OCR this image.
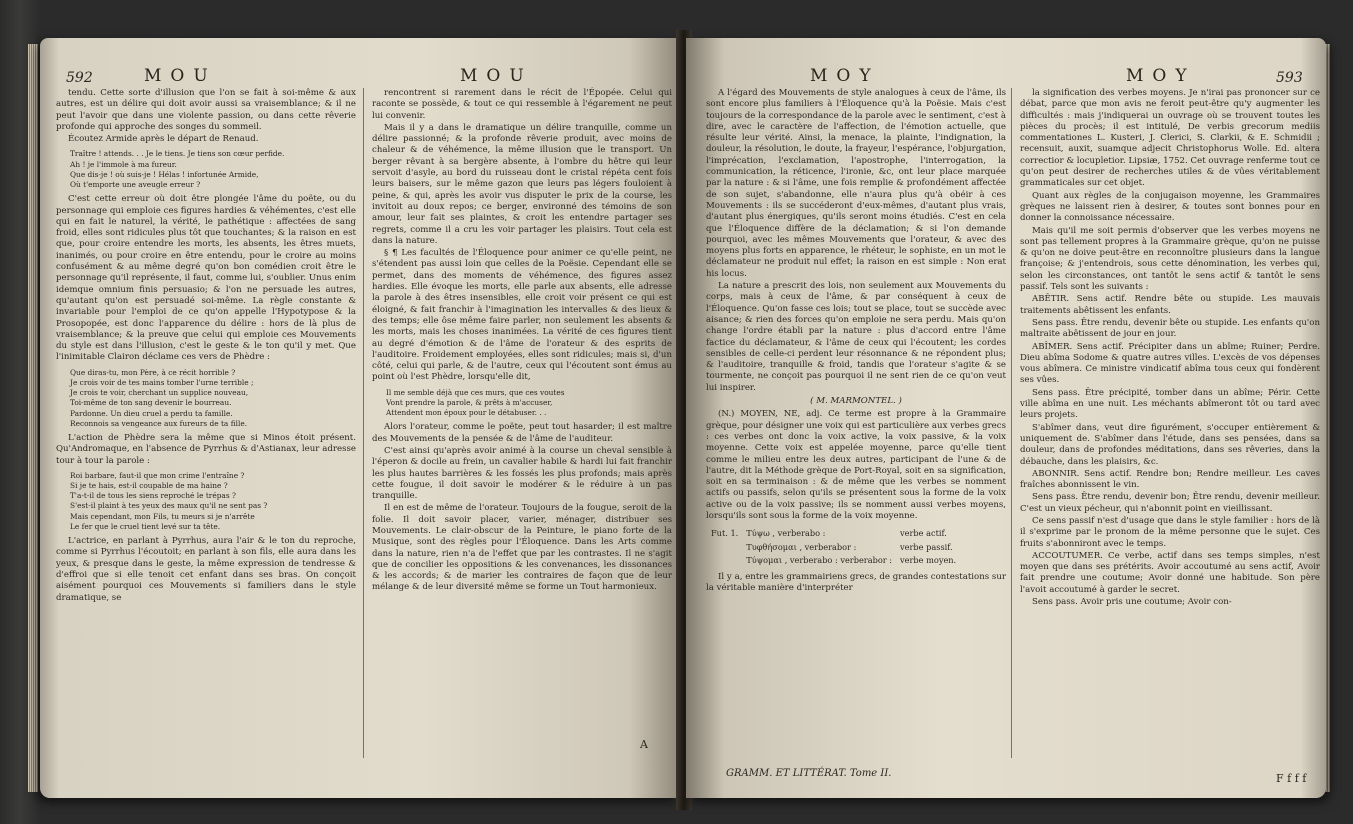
592	MOU	MOU

tendu. Cette sorte d'illusion que l'on se fait à soi-même & aux autres, est un délire qui doit avoir aussi sa vraisemblance; & il ne peut l'avoir que dans une violente passion, ou dans cette rêverie profonde qui approche des songes du sommeil.

Écoutez Armide après le départ de Renaud.

Traître ! attends. . . Je le tiens. Je tiens son cœur perfide.
Ah ! je l'immole à ma fureur.
Que dis-je ! où suis-je ! Hélas ! infortunée Armide,
Où t'emporte une aveugle erreur ?

C'est cette erreur où doit être plongée l'âme du poëte, ou du personnage qui emploie ces figures hardies & véhémentes, c'est elle qui en fait le naturel, la vérité, le pathétique : affectées de sang froid, elles sont ridicules plus tôt que touchantes; & la raison en est que, pour croire entendre les morts, les absents, les êtres muets, inanimés, ou pour croire en être entendu, pour le croire au moins confusément & au même degré qu'on bon comédien croit être le personnage qu'il représente, il faut, comme lui, s'oublier. Unus enim idemque omnium finis persuasio; & l'on ne persuade les autres, qu'autant qu'on est persuadé soi-même. La règle constante & invariable pour l'emploi de ce qu'on appelle l'Hypotypose & la Prosopopée, est donc l'apparence du délire : hors de là plus de vraisemblance; & la preuve que celui qui emploie ces Mouvements du style est dans l'illusion, c'est le geste & le ton qu'il y met. Que l'inimitable Clairon déclame ces vers de Phèdre :

Que diras-tu, mon Père, à ce récit horrible ?
Je crois voir de tes mains tomber l'urne terrible ;
Je crois te voir, cherchant un supplice nouveau,
Toi-même de ton sang devenir le bourreau.
Pardonne. Un dieu cruel a perdu ta famille.
Reconnois sa vengeance aux fureurs de ta fille.

L'action de Phèdre sera la même que si Minos étoit présent. Qu'Andromaque, en l'absence de Pyrrhus & d'Astianax, leur adresse tour à tour la parole :

Roi barbare, faut-il que mon crime l'entraîne ?
Si je te hais, est-il coupable de ma haine ?
T'a-t-il de tous les siens reproché le trépas ?
S'est-il plaint à tes yeux des maux qu'il ne sent pas ?
Mais cependant, mon Fils, tu meurs si je n'arrête
Le fer que le cruel tient levé sur ta tête.

L'actrice, en parlant à Pyrrhus, aura l'air & le ton du reproche, comme si Pyrrhus l'écoutoit; en parlant à son fils, elle aura dans les yeux, & presque dans le geste, la même expression de tendresse & d'effroi que si elle tenoit cet enfant dans ses bras. On conçoit aisément pourquoi ces Mouvements si familiers dans le style dramatique, se

rencontrent si rarement dans le récit de l'Épopée. Celui qui raconte se possède, & tout ce qui ressemble à l'égarement ne peut lui convenir.

Mais il y a dans le dramatique un délire tranquille, comme un délire passionné; & la profonde rêverie produit, avec moins de chaleur & de véhémence, la même illusion que le transport. Un berger rêvant à sa bergère absente, à l'ombre du hêtre qui leur servoit d'asyle, au bord du ruisseau dont le cristal répéta cent fois leurs baisers, sur le même gazon que leurs pas légers fouloient à peine, & qui, après les avoir vus disputer le prix de la course, les invitoit au doux repos; ce berger, environné des témoins de son amour, leur fait ses plaintes, & croit les entendre partager ses regrets, comme il a cru les voir partager les plaisirs. Tout cela est dans la nature.

§ ¶ Les facultés de l'Éloquence pour animer ce qu'elle peint, ne s'étendent pas aussi loin que celles de la Poësie. Cependant elle se permet, dans des moments de véhémence, des figures assez hardies. Elle évoque les morts, elle parle aux absents, elle adresse la parole à des êtres insensibles, elle croit voir présent ce qui est éloigné, & fait franchir à l'imagination les intervalles & des lieux & des temps; elle ôse même faire parler, non seulement les absents & les morts, mais les choses inanimées. La vérité de ces figures tient au degré d'émotion & de l'âme de l'orateur & des esprits de l'auditoire. Froidement employées, elles sont ridicules; mais si, d'un côté, celui qui parle, & de l'autre, ceux qui l'écoutent sont émus au point où l'est Phèdre, lorsqu'elle dit,

Il me semble déjà que ces murs, que ces voutes
Vont prendre la parole, & prêts à m'accuser,
Attendent mon époux pour le détabuser. . .

Alors l'orateur, comme le poëte, peut tout hasarder; il est maître des Mouvements de la pensée & de l'âme de l'auditeur.

C'est ainsi qu'après avoir animé à la course un cheval sensible à l'éperon & docile au frein, un cavalier habile & hardi lui fait franchir les plus hautes barrières & les fossés les plus profonds; mais après cette fougue, il doit savoir le modérer & le réduire à un pas tranquille.

Il en est de même de l'orateur. Toujours de la fougue, seroit de la folie. Il doit savoir placer, varier, ménager, distribuer ses Mouvements. Le clair-obscur de la Peinture, le piano forte de la Musique, sont des règles pour l'Éloquence. Dans les Arts comme dans la nature, rien n'a de l'effet que par les contrastes. Il ne s'agit que de concilier les oppositions & les convenances, les dissonances & les accords; & de marier les contraires de façon que de leur mélange & de leur diversité même se forme un Tout harmonieux.

A
MOY	MOY	593

A l'égard des Mouvements de style analogues à ceux de l'âme, ils sont encore plus familiers à l'Éloquence qu'à la Poësie. Mais c'est toujours de la correspondance de la parole avec le sentiment, c'est à dire, avec le caractère de l'affection, de l'émotion actuelle, que résulte leur vérité. Ainsi, la menace, la plainte, l'indignation, la douleur, la résolution, le doute, la frayeur, l'espérance, l'objurgation, l'imprécation, l'exclamation, l'apostrophe, l'interrogation, la communication, la réticence, l'ironie, &c, ont leur place marquée par la nature : & si l'âme, une fois remplie & profondément affectée de son sujet, s'abandonne, elle n'aura plus qu'à obéir à ces Mouvements : ils se succéderont d'eux-mêmes, d'autant plus vrais, d'autant plus énergiques, qu'ils seront moins étudiés. C'est en cela que l'Éloquence diffère de la déclamation; & si l'on demande pourquoi, avec les mêmes Mouvements que l'orateur, & avec des moyens plus forts en apparence, le rhéteur, le sophiste, en un mot le déclamateur ne produit nul effet; la raison en est simple : Non erat his locus.

La nature a prescrit des lois, non seulement aux Mouvements du corps, mais à ceux de l'âme, & par conséquent à ceux de l'Éloquence. Qu'on fasse ces lois; tout se place, tout se succède avec aisance; & rien des forces qu'on emploie ne sera perdu. Mais qu'on change l'ordre établi par la nature : plus d'accord entre l'âme factice du déclamateur, & l'âme de ceux qui l'écoutent; les cordes sensibles de celle-ci perdent leur résonnance & ne répondent plus; & l'auditoire, tranquille & froid, tandis que l'orateur s'agite & se tourmente, ne conçoit pas pourquoi il ne sent rien de ce qu'on veut lui inspirer.

( M. MARMONTEL. )

(N.) MOYEN, NE, adj. Ce terme est propre à la Grammaire grèque, pour désigner une voix qui est particulière aux verbes grecs : ces verbes ont donc la voix active, la voix passive, & la voix moyenne. Cette voix est appelée moyenne, parce qu'elle tient comme le milieu entre les deux autres, participant de l'une & de l'autre, dit la Méthode grèque de Port-Royal, soit en sa signification, soit en sa terminaison : & de même que les verbes se nomment actifs ou passifs, selon qu'ils se présentent sous la forme de la voix active ou de la voix passive; ils se nomment aussi verbes moyens, lorsqu'ils sont sous la forme de la voix moyenne.

Fut. 1.	Τύψω , verberabo :	verbe actif.
	Τυφθήσομαι , verberabor :	verbe passif.
	Τύψομαι , verberabo : verberabor :	verbe moyen.

Il y a, entre les grammairiens grecs, de grandes contestations sur la véritable manière d'interpréter

GRAMM. ET LITTÉRAT. Tome II.

la signification des verbes moyens. Je n'irai pas prononcer sur ce débat, parce que mon avis ne feroit peut-être qu'y augmenter les difficultés : mais j'indiquerai un ouvrage où se trouvent toutes les pièces du procès; il est intitulé, De verbis grecorum mediis commentationes L. Kusteri, J. Clerici, S. Clarkii, & E. Schmidii ; recensuit, auxit, suamque adjecit Christophorus Wolle. Ed. altera correctior & locupletior. Lipsiæ, 1752. Cet ouvrage renferme tout ce qu'on peut desirer de recherches utiles & de vûes véritablement grammaticales sur cet objet.

Quant aux règles de la conjugaison moyenne, les Grammaires grèques ne laissent rien à desirer, & toutes sont bonnes pour en donner la connoissance nécessaire.

Mais qu'il me soit permis d'observer que les verbes moyens ne sont pas tellement propres à la Grammaire grèque, qu'on ne puisse & qu'on ne doive peut-être en reconnoître plusieurs dans la langue françoise; & j'entendrois, sous cette dénomination, les verbes qui, selon les circonstances, ont tantôt le sens actif & tantôt le sens passif. Tels sont les suivants :

ABÊTIR. Sens actif. Rendre bête ou stupide. Les mauvais traitements abêtissent les enfants.

Sens pass. Être rendu, devenir bête ou stupide. Les enfants qu'on maltraite abêtissent de jour en jour.

ABÎMER. Sens actif. Précipiter dans un abîme; Ruiner; Perdre. Dieu abîma Sodome & quatre autres villes. L'excès de vos dépenses vous abîmera. Ce ministre vindicatif abîma tous ceux qui fondèrent ses vûes.

Sens pass. Être précipité, tomber dans un abîme; Périr. Cette ville abîma en une nuit. Les méchants abîmeront tôt ou tard avec leurs projets.

S'abîmer dans, veut dire figurément, s'occuper entièrement & uniquement de. S'abîmer dans l'étude, dans ses pensées, dans sa douleur, dans de profondes méditations, dans ses rêveries, dans la débauche, dans les plaisirs, &c.

ABONNIR. Sens actif. Rendre bon; Rendre meilleur. Les caves fraîches abonnissent le vin.

Sens pass. Être rendu, devenir bon; Être rendu, devenir meilleur. C'est un vieux pécheur, qui n'abonnit point en vieillissant.

Ce sens passif n'est d'usage que dans le style familier : hors de là il s'exprime par le pronom de la même personne que le sujet. Ces fruits s'abonniront avec le temps.

ACCOUTUMER. Ce verbe, actif dans ses temps simples, n'est moyen que dans ses prétérits. Avoir accoutumé au sens actif, Avoir fait prendre une coutume; Avoir donné une habitude. Son père l'avoit accoutumé à garder le secret.

Sens pass. Avoir pris une coutume; Avoir con-

F f f f
